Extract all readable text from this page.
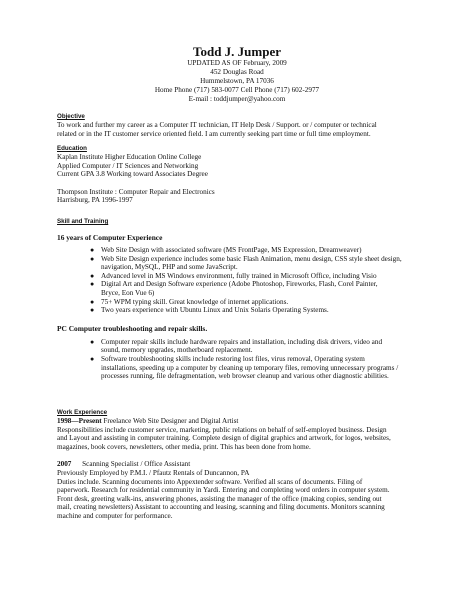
Todd J. Jumper
UPDATED AS OF February, 2009
452 Douglas Road
Hummelstown, PA 17036
Home Phone (717) 583-0077 Cell Phone (717) 602-2977
E-mail : toddjumper@yahoo.com
Objective
To work and further my career as a Computer IT technician, IT Help Desk / Support. or / computer or technical
related or in the IT customer service oriented field. I am currently seeking part time or full time employment.
Education
Kaplan Institute Higher Education Online College
Applied Computer / IT Sciences and Networking
Current GPA 3.8 Working toward Associates Degree
Thompson Institute : Computer Repair and Electronics
Harrisburg, PA 1996-1997
Skill and Training
16 years of Computer Experience
● Web Site Design with associated software (MS FrontPage, MS Expression, Dreamweaver)
● Web Site Design experience includes some basic Flash Animation, menu design, CSS style sheet design,
navigation, MySQL, PHP and some JavaScript.
● Advanced level in MS Windows environment, fully trained in Microsoft Office, including Visio
● Digital Art and Design Software experience (Adobe Photoshop, Fireworks, Flash, Corel Painter,
Bryce, Eon Vue 6)
● 75+ WPM typing skill. Great knowledge of internet applications.
● Two years experience with Ubuntu Linux and Unix Solaris Operating Systems.
PC Computer troubleshooting and repair skills.
● Computer repair skills include hardware repairs and installation, including disk drivers, video and
sound, memory upgrades, motherboard replacement.
● Software troubleshooting skills include restoring lost files, virus removal, Operating system
installations, speeding up a computer by cleaning up temporary files, removing unnecessary programs /
processes running, file defragmentation, web browser cleanup and various other diagnostic abilities.
Work Experience
1998—Present Freelance Web Site Designer and Digital Artist
Responsibilities include customer service, marketing, public relations on behalf of self-employed business. Design
and Layout and assisting in computer training. Complete design of digital graphics and artwork, for logos, websites,
magazines, book covers, newsletters, other media, print. This has been done from home.
2007      Scanning Specialist / Office Assistant
Previously Employed by P.M.I. / Pfautz Rentals of Duncannon, PA
Duties include. Scanning documents into Appextender software. Verified all scans of documents. Filing of
paperwork. Research for residential community in Yardi. Entering and completing word orders in computer system.
Front desk, greeting walk-ins, answering phones, assisting the manager of the office (making copies, sending out
mail, creating newsletters) Assistant to accounting and leasing, scanning and filing documents. Monitors scanning
machine and computer for performance.
